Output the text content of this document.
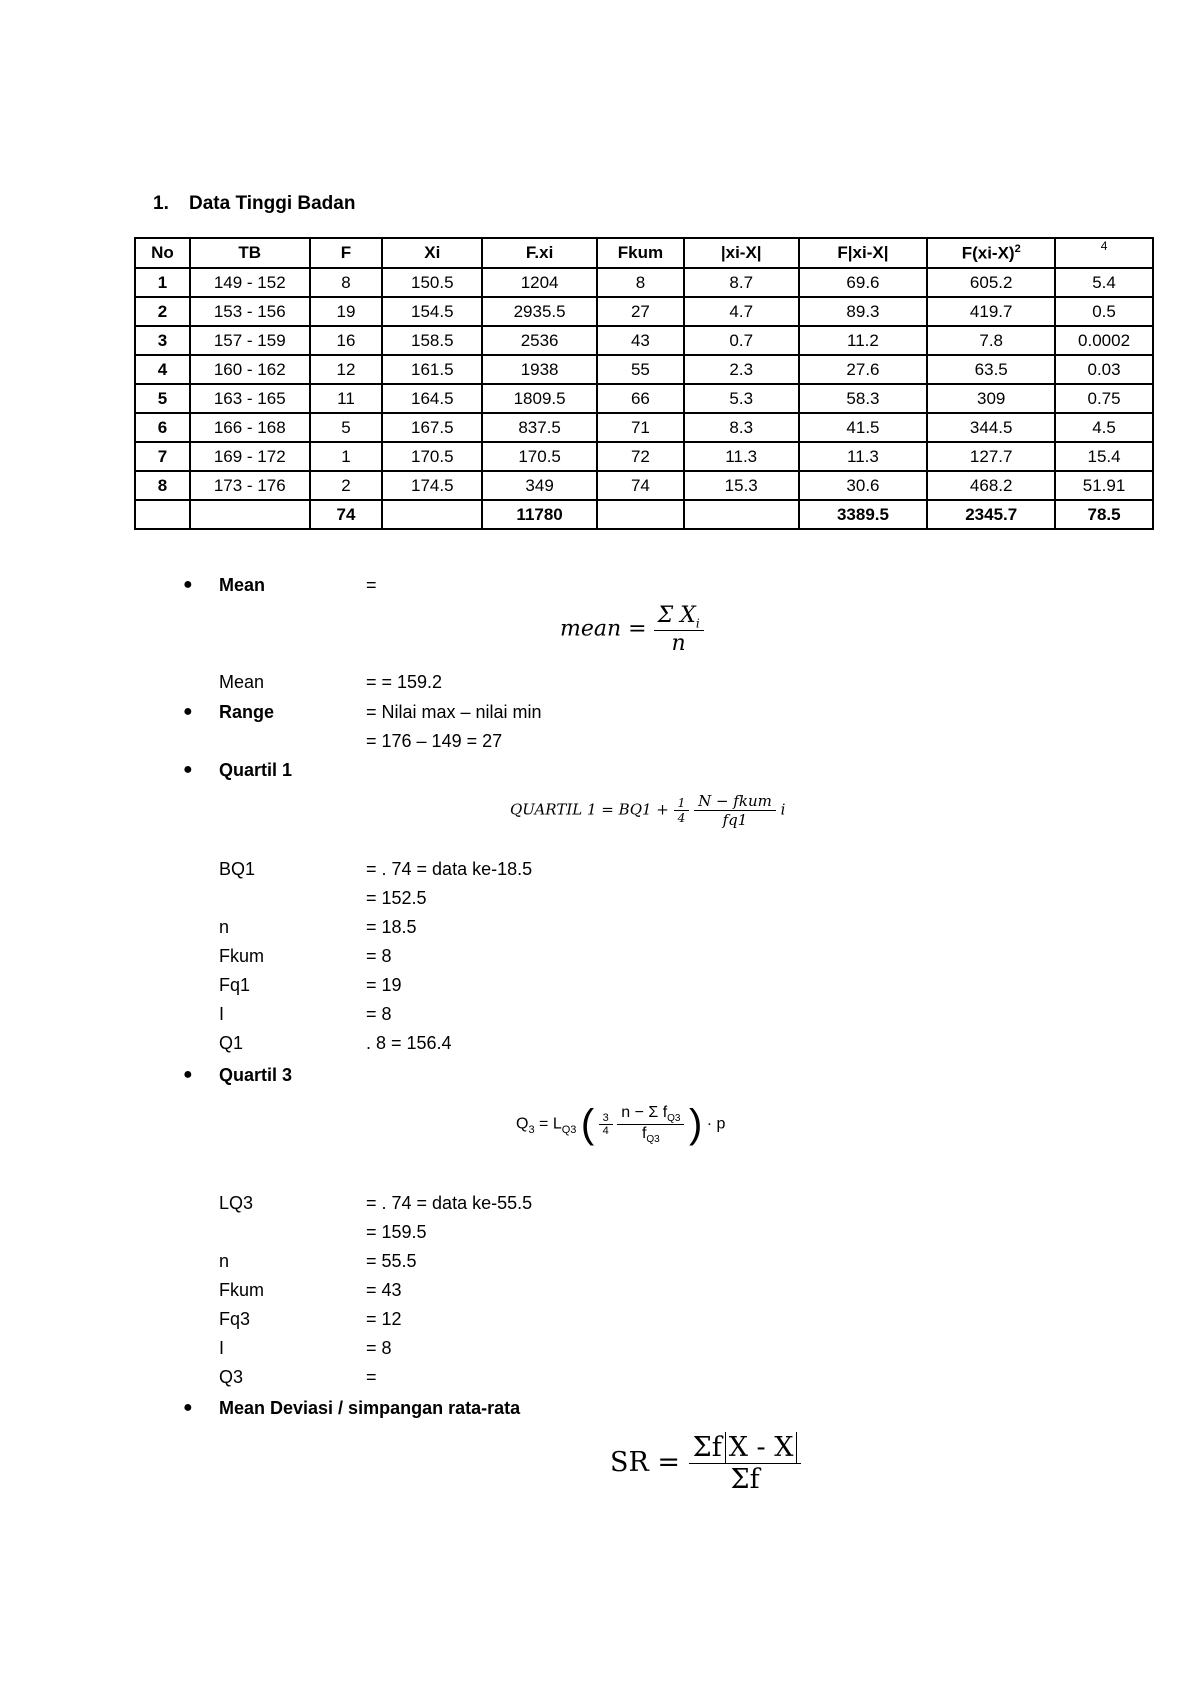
1. Data Tinggi Badan
No	TB	F	Xi	F.xi	Fkum	|xi-X|	F|xi-X|	$F(xi-X)^2$	4
1	149 - 152	8	150.5	1204	8	8.7	69.6	605.2	5.4
2	153 - 156	19	154.5	2935.5	27	4.7	89.3	419.7	0.5
3	157 - 159	16	158.5	2536	43	0.7	11.2	7.8	0.0002
4	160 - 162	12	161.5	1938	55	2.3	27.6	63.5	0.03
5	163 - 165	11	164.5	1809.5	66	5.3	58.3	309	0.75
6	166 - 168	5	167.5	837.5	71	8.3	41.5	344.5	4.5
7	169 - 172	1	170.5	170.5	72	11.3	11.3	127.7	15.4
8	173 - 176	2	174.5	349	74	15.3	30.6	468.2	51.91
		74		11780			3389.5	2345.7	78.5
● Mean	=
mean = $\frac{\Sigma X_i}{n}$
Mean	= = 159.2
● Range	= Nilai max – nilai min
= 176 – 149 = 27
● Quartil 1
QUARTIL $1 = BQ1 + \frac{1}{4}$
$\frac{\text{N − fkum}}{fq1}$ i
BQ1	= . 74 = data ke-18.5
= 152.5
n	= 18.5
Fkum	= 8
Fq1	= 19
I	= 8
Q1	. 8 = 156.4
● Quartil 3
$Q_3 = L_{Q3}$ ( $\frac{3}{4}$
$\frac{n - \Sigma f_{Q3}}{f_{Q3}}$ ) · p
LQ3	= . 74 = data ke-55.5
= 159.5
n	= 55.5
Fkum	= 43
Fq3	= 12
I	= 8
Q3	=
● Mean Deviasi / simpangan rata-rata
SR = $\frac{\text{Σf X - X}}{\Sigma f}$
